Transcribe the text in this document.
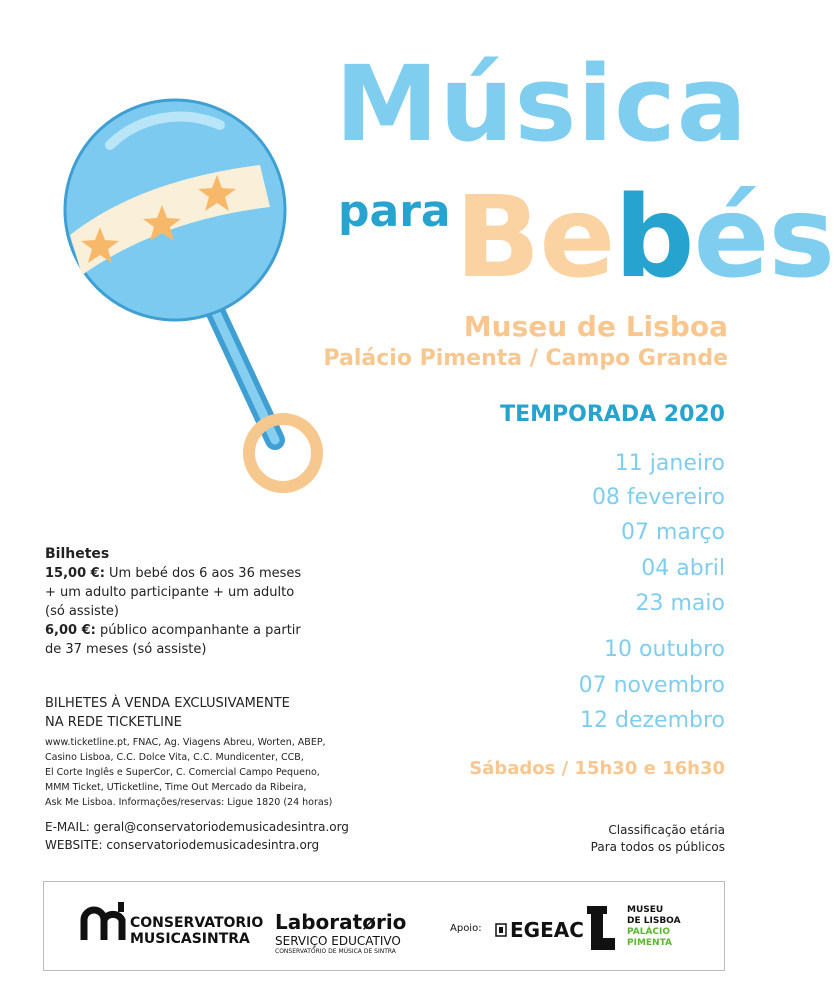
Música
para Bebés
Museu de Lisboa
Palácio Pimenta / Campo Grande
TEMPORADA 2020
11 janeiro
08 fevereiro
07 março
04 abril
23 maio
10 outubro
07 novembro
12 dezembro
Sábados / 15h30 e 16h30
Classificação etária
Para todos os públicos
Bilhetes
15,00 €: Um bebé dos 6 aos 36 meses
+ um adulto participante + um adulto
(só assiste)
6,00 €: público acompanhante a partir
de 37 meses (só assiste)
BILHETES À VENDA EXCLUSIVAMENTE
NA REDE TICKETLINE
www.ticketline.pt, FNAC, Ag. Viagens Abreu, Worten, ABEP,
Casino Lisboa, C.C. Dolce Vita, C.C. Mundicenter, CCB,
El Corte Inglês e SuperCor, C. Comercial Campo Pequeno,
MMM Ticket, UTicketline, Time Out Mercado da Ribeira,
Ask Me Lisboa. Informações/reservas: Ligue 1820 (24 horas)
E-MAIL: geral@conservatoriodemusicadesintra.org
WEBSITE: conservatoriodemusicadesintra.org
CONSERVATORIO
MUSICASINTRA
Laboratørio
SERVIÇO EDUCATIVO
CONSERVATÓRIO DE MÚSICA DE SINTRA
Apoio: EGEAC
MUSEU
DE LISBOA
PALÁCIO
PIMENTA
